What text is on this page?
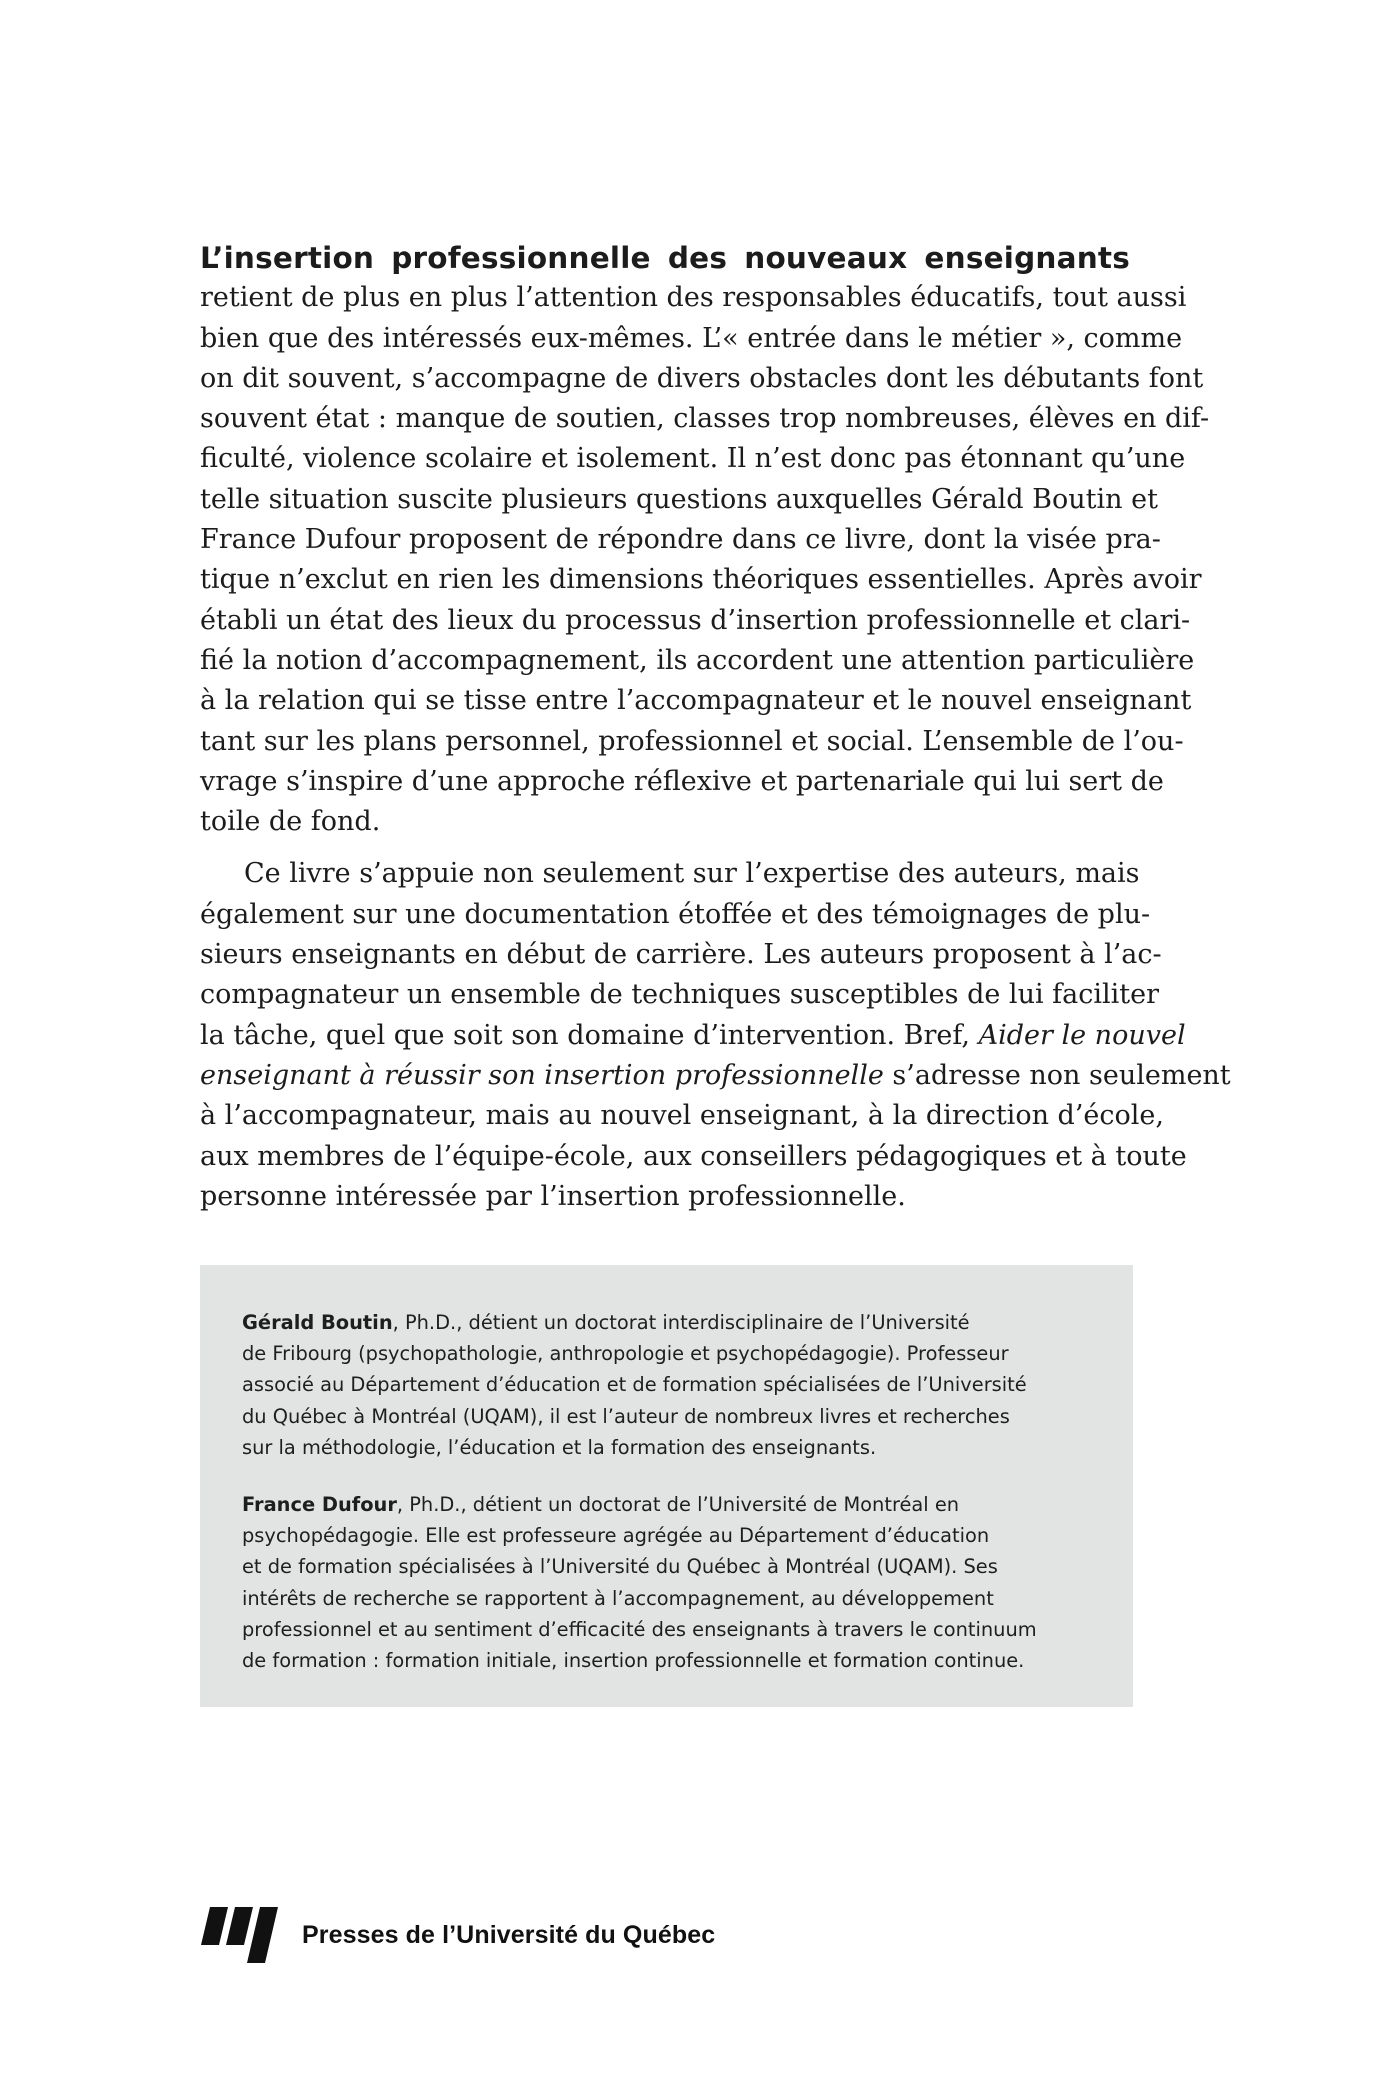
L’insertion professionnelle des nouveaux enseignants
retient de plus en plus l’attention des responsables éducatifs, tout aussi
bien que des intéressés eux-mêmes. L’« entrée dans le métier », comme
on dit souvent, s’accompagne de divers obstacles dont les débutants font
souvent état : manque de soutien, classes trop nombreuses, élèves en dif-
ficulté, violence scolaire et isolement. Il n’est donc pas étonnant qu’une
telle situation suscite plusieurs questions auxquelles Gérald Boutin et
France Dufour proposent de répondre dans ce livre, dont la visée pra-
tique n’exclut en rien les dimensions théoriques essentielles. Après avoir
établi un état des lieux du processus d’insertion professionnelle et clari-
fié la notion d’accompagnement, ils accordent une attention particulière
à la relation qui se tisse entre l’accompagnateur et le nouvel enseignant
tant sur les plans personnel, professionnel et social. L’ensemble de l’ou-
vrage s’inspire d’une approche réflexive et partenariale qui lui sert de
toile de fond.
Ce livre s’appuie non seulement sur l’expertise des auteurs, mais
également sur une documentation étoffée et des témoignages de plu-
sieurs enseignants en début de carrière. Les auteurs proposent à l’ac-
compagnateur un ensemble de techniques susceptibles de lui faciliter
la tâche, quel que soit son domaine d’intervention. Bref, Aider le nouvel
enseignant à réussir son insertion professionnelle s’adresse non seulement
à l’accompagnateur, mais au nouvel enseignant, à la direction d’école,
aux membres de l’équipe-école, aux conseillers pédagogiques et à toute
personne intéressée par l’insertion professionnelle.
Gérald Boutin, Ph.D., détient un doctorat interdisciplinaire de l’Université
de Fribourg (psychopathologie, anthropologie et psychopédagogie). Professeur
associé au Département d’éducation et de formation spécialisées de l’Université
du Québec à Montréal (UQAM), il est l’auteur de nombreux livres et recherches
sur la méthodologie, l’éducation et la formation des enseignants.
France Dufour, Ph.D., détient un doctorat de l’Université de Montréal en
psychopédagogie. Elle est professeure agrégée au Département d’éducation
et de formation spécialisées à l’Université du Québec à Montréal (UQAM). Ses
intérêts de recherche se rapportent à l’accompagnement, au développement
professionnel et au sentiment d’efficacité des enseignants à travers le continuum
de formation : formation initiale, insertion professionnelle et formation continue.
Presses de l’Université du Québec
